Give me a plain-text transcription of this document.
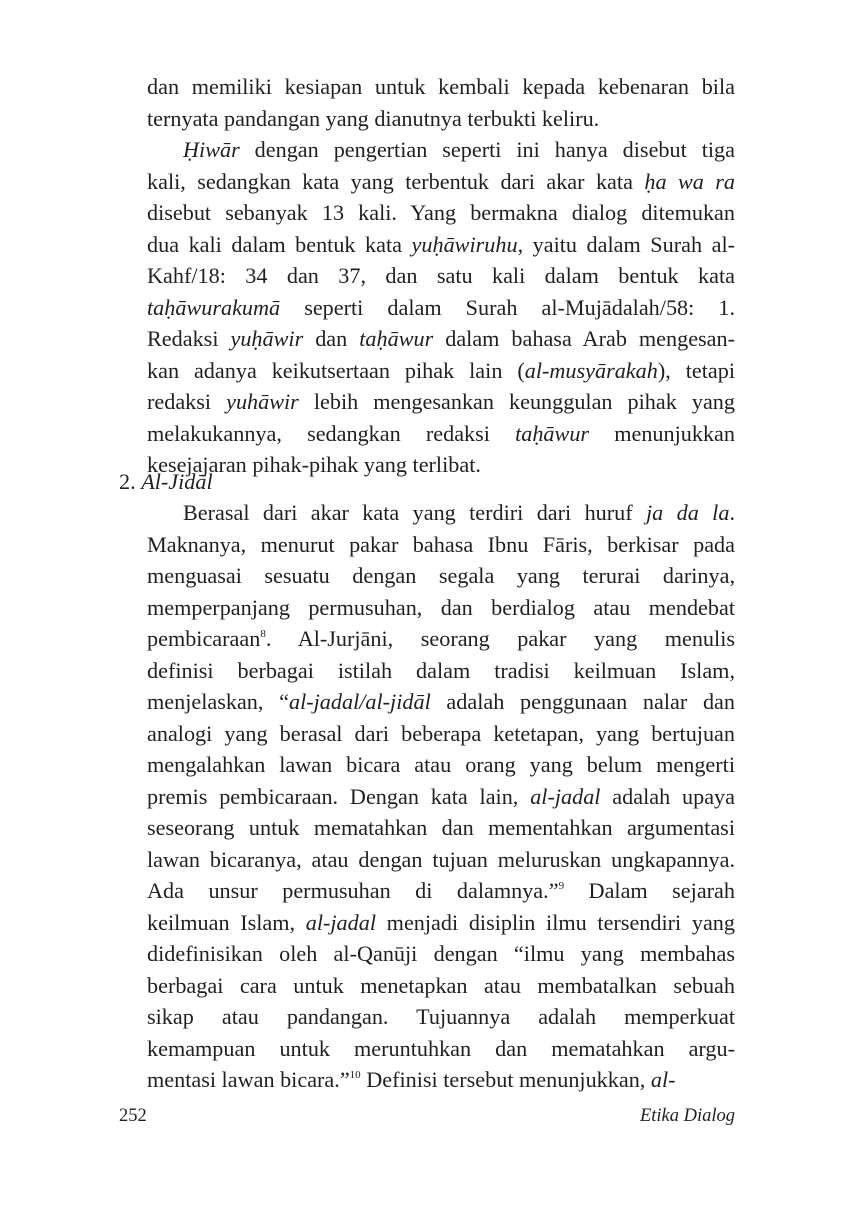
dan memiliki kesiapan untuk kembali kepada kebenaran bila
ternyata pandangan yang dianutnya terbukti keliru.
Ḥiwār dengan pengertian seperti ini hanya disebut tiga
kali, sedangkan kata yang terbentuk dari akar kata ḥa wa ra
disebut sebanyak 13 kali. Yang bermakna dialog ditemukan
dua kali dalam bentuk kata yuḥāwiruhu, yaitu dalam Surah al-
Kahf/18: 34 dan 37, dan satu kali dalam bentuk kata
taḥāwurakumā seperti dalam Surah al-Mujādalah/58: 1.
Redaksi yuḥāwir dan taḥāwur dalam bahasa Arab mengesan-
kan adanya keikutsertaan pihak lain (al-musyārakah), tetapi
redaksi yuhāwir lebih mengesankan keunggulan pihak yang
melakukannya, sedangkan redaksi taḥāwur menunjukkan
kesejajaran pihak-pihak yang terlibat.
2. Al-Jidāl
Berasal dari akar kata yang terdiri dari huruf ja da la.
Maknanya, menurut pakar bahasa Ibnu Fāris, berkisar pada
menguasai sesuatu dengan segala yang terurai darinya,
memperpanjang permusuhan, dan berdialog atau mendebat
pembicaraan$^8$. Al-Jurjāni, seorang pakar yang menulis
definisi berbagai istilah dalam tradisi keilmuan Islam,
menjelaskan, “al-jadal/al-jidāl adalah penggunaan nalar dan
analogi yang berasal dari beberapa ketetapan, yang bertujuan
mengalahkan lawan bicara atau orang yang belum mengerti
premis pembicaraan. Dengan kata lain, al-jadal adalah upaya
seseorang untuk mematahkan dan mementahkan argumentasi
lawan bicaranya, atau dengan tujuan meluruskan ungkapannya.
Ada unsur permusuhan di dalamnya.”$^9$ Dalam sejarah
keilmuan Islam, al-jadal menjadi disiplin ilmu tersendiri yang
didefinisikan oleh al-Qanūji dengan “ilmu yang membahas
berbagai cara untuk menetapkan atau membatalkan sebuah
sikap atau pandangan. Tujuannya adalah memperkuat
kemampuan untuk meruntuhkan dan mematahkan argu-
mentasi lawan bicara.”$^{10}$ Definisi tersebut menunjukkan, al-
252	Etika Dialog
